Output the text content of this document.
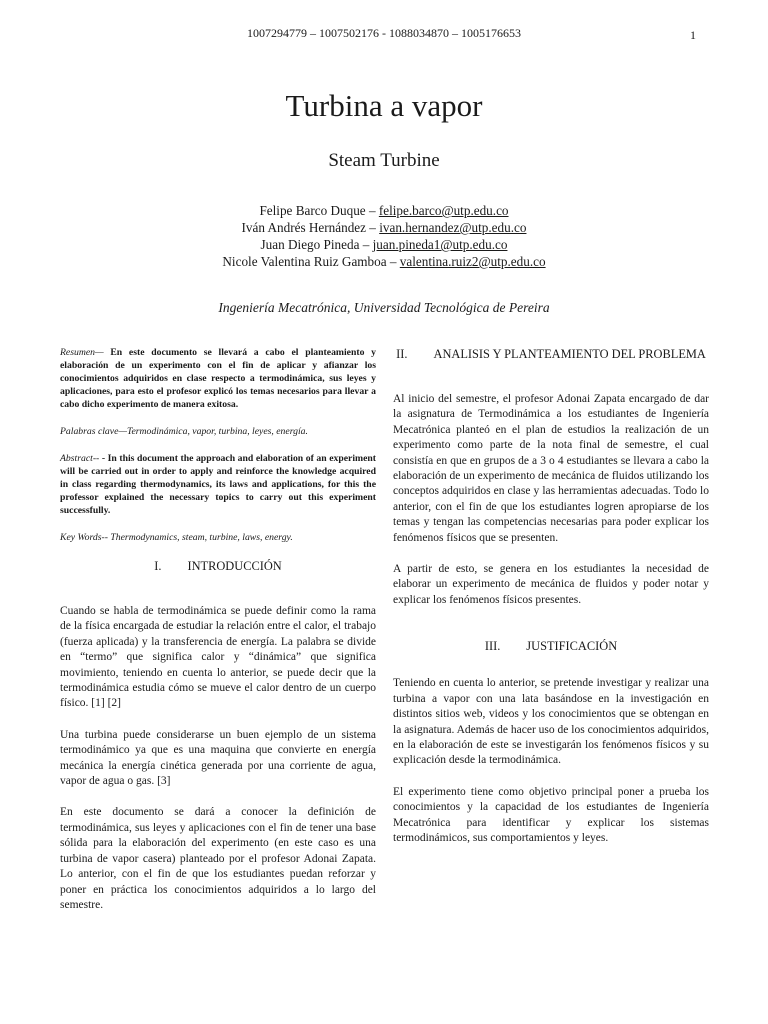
1007294779 – 1007502176 - 1088034870 – 1005176653	1
Turbina a vapor
Steam Turbine
Felipe Barco Duque – felipe.barco@utp.edu.co
Iván Andrés Hernández – ivan.hernandez@utp.edu.co
Juan Diego Pineda – juan.pineda1@utp.edu.co
Nicole Valentina Ruiz Gamboa – valentina.ruiz2@utp.edu.co
Ingeniería Mecatrónica, Universidad Tecnológica de Pereira

Resumen— En este documento se llevará a cabo el planteamiento y elaboración de un experimento con el fin de aplicar y afianzar los conocimientos adquiridos en clase respecto a termodinámica, sus leyes y aplicaciones, para esto el profesor explicó los temas necesarios para llevar a cabo dicho experimento de manera exitosa.

Palabras clave—Termodinámica, vapor, turbina, leyes, energía.

Abstract-- - In this document the approach and elaboration of an experiment will be carried out in order to apply and reinforce the knowledge acquired in class regarding thermodynamics, its laws and applications, for this the professor explained the necessary topics to carry out this experiment successfully.

Key Words-- Thermodynamics, steam, turbine, laws, energy.

I. INTRODUCCIÓN

Cuando se habla de termodinámica se puede definir como la rama de la física encargada de estudiar la relación entre el calor, el trabajo (fuerza aplicada) y la transferencia de energía. La palabra se divide en “termo” que significa calor y “dinámica” que significa movimiento, teniendo en cuenta lo anterior, se puede decir que la termodinámica estudia cómo se mueve el calor dentro de un cuerpo físico. [1] [2]

Una turbina puede considerarse un buen ejemplo de un sistema termodinámico ya que es una maquina que convierte en energía mecánica la energía cinética generada por una corriente de agua, vapor de agua o gas. [3]

En este documento se dará a conocer la definición de termodinámica, sus leyes y aplicaciones con el fin de tener una base sólida para la elaboración del experimento (en este caso es una turbina de vapor casera) planteado por el profesor Adonai Zapata. Lo anterior, con el fin de que los estudiantes puedan reforzar y poner en práctica los conocimientos adquiridos a lo largo del semestre.

II. ANALISIS Y PLANTEAMIENTO DEL PROBLEMA

Al inicio del semestre, el profesor Adonai Zapata encargado de dar la asignatura de Termodinámica a los estudiantes de Ingeniería Mecatrónica planteó en el plan de estudios la realización de un experimento como parte de la nota final de semestre, el cual consistía en que en grupos de a 3 o 4 estudiantes se llevara a cabo la elaboración de un experimento de mecánica de fluidos utilizando los conceptos adquiridos en clase y las herramientas adecuadas. Todo lo anterior, con el fin de que los estudiantes logren apropiarse de los temas y tengan las competencias necesarias para poder explicar los fenómenos físicos que se presenten.

A partir de esto, se genera en los estudiantes la necesidad de elaborar un experimento de mecánica de fluidos y poder notar y explicar los fenómenos físicos presentes.

III. JUSTIFICACIÓN

Teniendo en cuenta lo anterior, se pretende investigar y realizar una turbina a vapor con una lata basándose en la investigación en distintos sitios web, videos y los conocimientos que se obtengan en la asignatura. Además de hacer uso de los conocimientos adquiridos, en la elaboración de este se investigarán los fenómenos físicos y su explicación desde la termodinámica.

El experimento tiene como objetivo principal poner a prueba los conocimientos y la capacidad de los estudiantes de Ingeniería Mecatrónica para identificar y explicar los sistemas termodinámicos, sus comportamientos y leyes.
